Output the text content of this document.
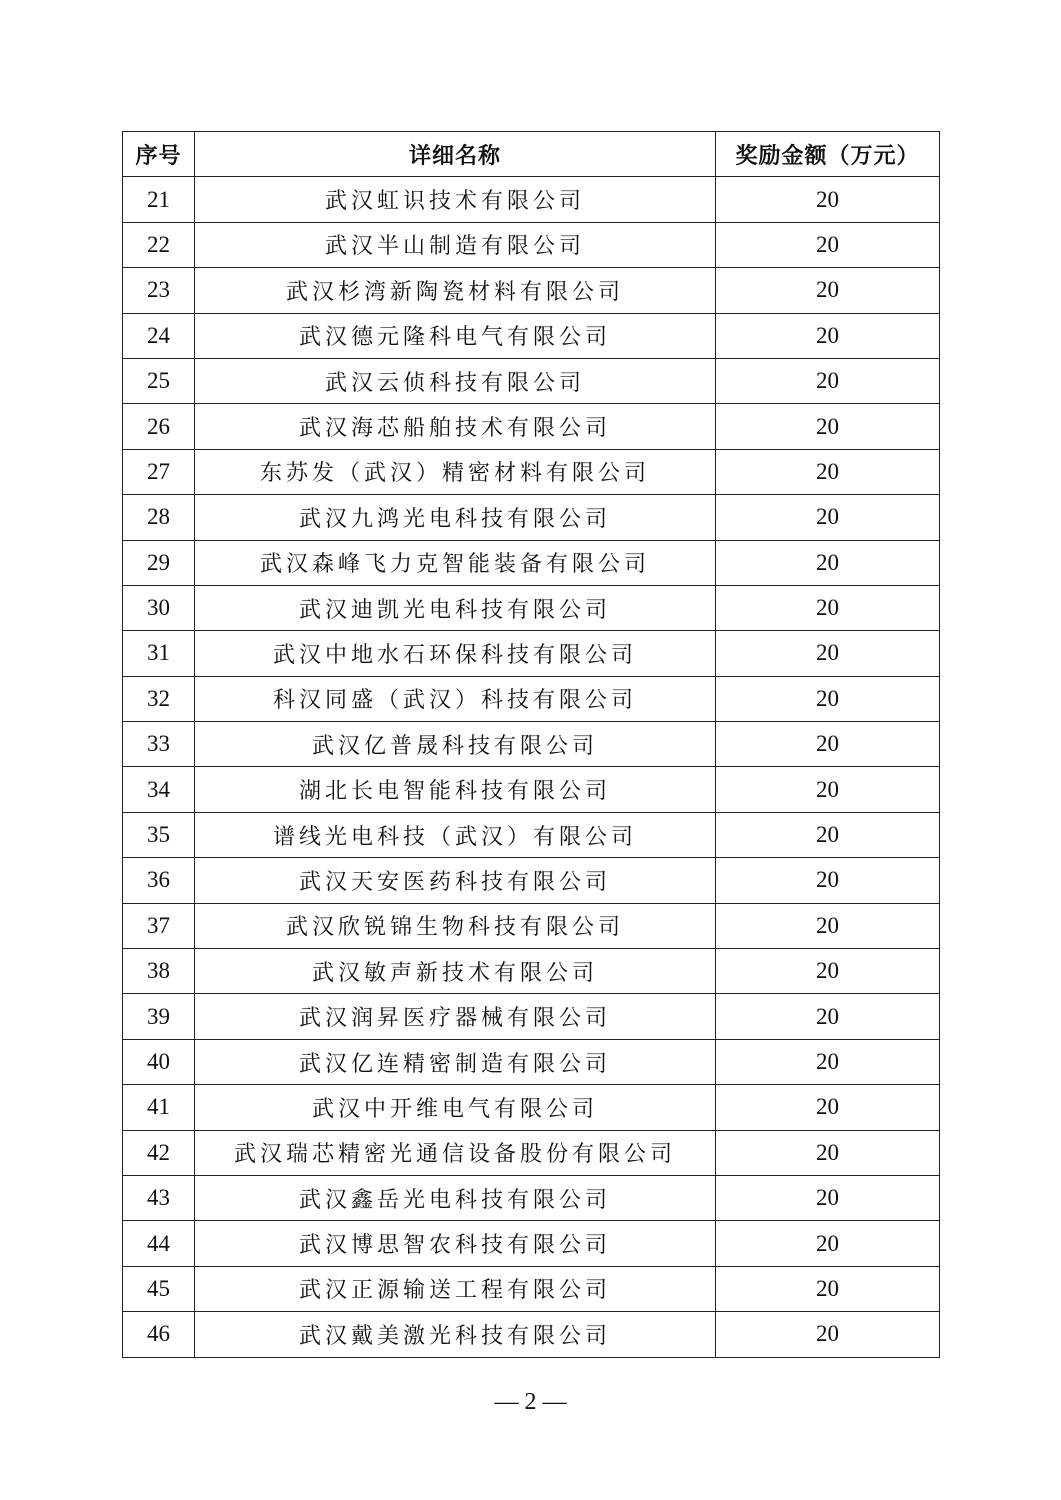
序号	详细名称	奖励金额（万元）
21	武汉虹识技术有限公司	20
22	武汉半山制造有限公司	20
23	武汉杉湾新陶瓷材料有限公司	20
24	武汉德元隆科电气有限公司	20
25	武汉云侦科技有限公司	20
26	武汉海芯船舶技术有限公司	20
27	东苏发（武汉）精密材料有限公司	20
28	武汉九鸿光电科技有限公司	20
29	武汉森峰飞力克智能装备有限公司	20
30	武汉迪凯光电科技有限公司	20
31	武汉中地水石环保科技有限公司	20
32	科汉同盛（武汉）科技有限公司	20
33	武汉亿普晟科技有限公司	20
34	湖北长电智能科技有限公司	20
35	谱线光电科技（武汉）有限公司	20
36	武汉天安医药科技有限公司	20
37	武汉欣锐锦生物科技有限公司	20
38	武汉敏声新技术有限公司	20
39	武汉润昇医疗器械有限公司	20
40	武汉亿连精密制造有限公司	20
41	武汉中开维电气有限公司	20
42	武汉瑞芯精密光通信设备股份有限公司	20
43	武汉鑫岳光电科技有限公司	20
44	武汉博思智农科技有限公司	20
45	武汉正源输送工程有限公司	20
46	武汉戴美激光科技有限公司	20
— 2 —
